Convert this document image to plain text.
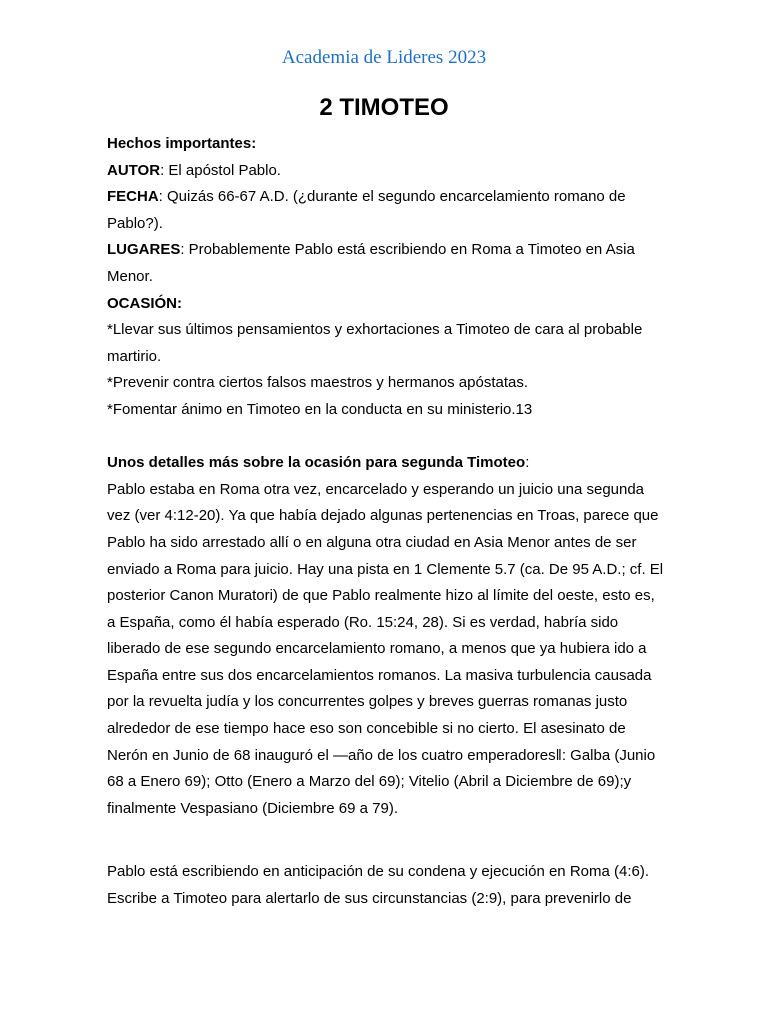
Academia de Lideres 2023
2 TIMOTEO

Hechos importantes:

AUTOR: El apóstol Pablo.

FECHA: Quizás 66-67 A.D. (¿durante el segundo encarcelamiento romano de Pablo?).

LUGARES: Probablemente Pablo está escribiendo en Roma a Timoteo en Asia Menor.

OCASIÓN:

*Llevar sus últimos pensamientos y exhortaciones a Timoteo de cara al probable martirio.

*Prevenir contra ciertos falsos maestros y hermanos apóstatas.

*Fomentar ánimo en Timoteo en la conducta en su ministerio.13

Unos detalles más sobre la ocasión para segunda Timoteo:

Pablo estaba en Roma otra vez, encarcelado y esperando un juicio una segunda vez (ver 4:12-20). Ya que había dejado algunas pertenencias en Troas, parece que Pablo ha sido arrestado allí o en alguna otra ciudad en Asia Menor antes de ser enviado a Roma para juicio. Hay una pista en 1 Clemente 5.7 (ca. De 95 A.D.; cf. El posterior Canon Muratori) de que Pablo realmente hizo al límite del oeste, esto es, a España, como él había esperado (Ro. 15:24, 28). Si es verdad, habría sido liberado de ese segundo encarcelamiento romano, a menos que ya hubiera ido a España entre sus dos encarcelamientos romanos. La masiva turbulencia causada por la revuelta judía y los concurrentes golpes y breves guerras romanas justo alrededor de ese tiempo hace eso son concebible si no cierto. El asesinato de Nerón en Junio de 68 inauguró el ―año de los cuatro emperadores‖: Galba (Junio 68 a Enero 69); Otto (Enero a Marzo del 69); Vitelio (Abril a Diciembre de 69);y finalmente Vespasiano (Diciembre 69 a 79).

Pablo está escribiendo en anticipación de su condena y ejecución en Roma (4:6). Escribe a Timoteo para alertarlo de sus circunstancias (2:9), para prevenirlo de
